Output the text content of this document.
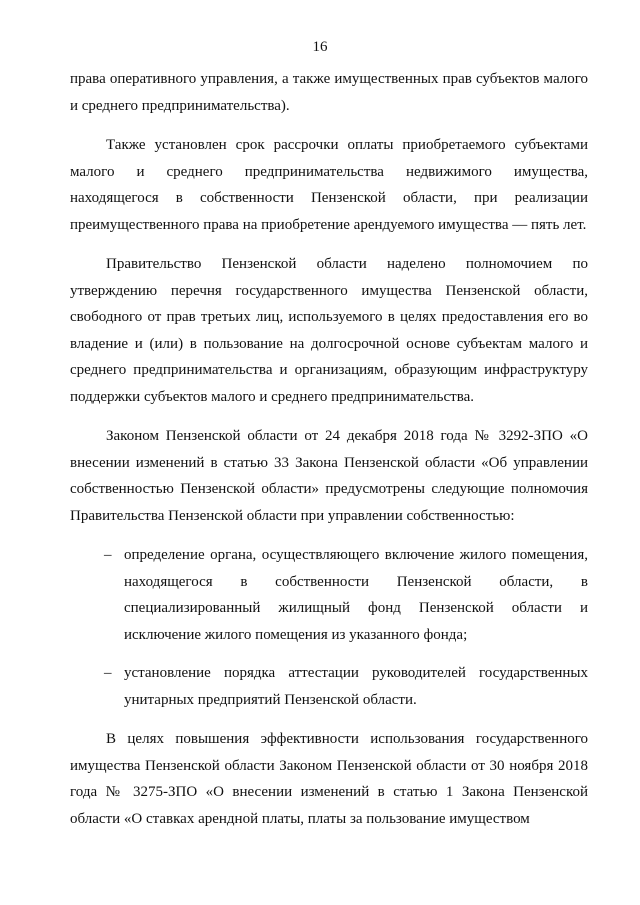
16

права оперативного управления, а также имущественных прав субъектов малого и среднего предпринимательства).

Также установлен срок рассрочки оплаты приобретаемого субъектами малого и среднего предпринимательства недвижимого имущества, находящегося в собственности Пензенской области, при реализации преимущественного права на приобретение арендуемого имущества — пять лет.

Правительство Пензенской области наделено полномочием по утверждению перечня государственного имущества Пензенской области, свободного от прав третьих лиц, используемого в целях предоставления его во владение и (или) в пользование на долгосрочной основе субъектам малого и среднего предпринимательства и организациям, образующим инфраструктуру поддержки субъектов малого и среднего предпринимательства.

Законом Пензенской области от 24 декабря 2018 года № 3292-ЗПО «О внесении изменений в статью 33 Закона Пензенской области «Об управлении собственностью Пензенской области» предусмотрены следующие полномочия Правительства Пензенской области при управлении собственностью:

– определение органа, осуществляющего включение жилого помещения, находящегося в собственности Пензенской области, в специализированный жилищный фонд Пензенской области и исключение жилого помещения из указанного фонда;
– установление порядка аттестации руководителей государственных унитарных предприятий Пензенской области.

В целях повышения эффективности использования государственного имущества Пензенской области Законом Пензенской области от 30 ноября 2018 года № 3275-ЗПО «О внесении изменений в статью 1 Закона Пензенской области «О ставках арендной платы, платы за пользование имуществом
